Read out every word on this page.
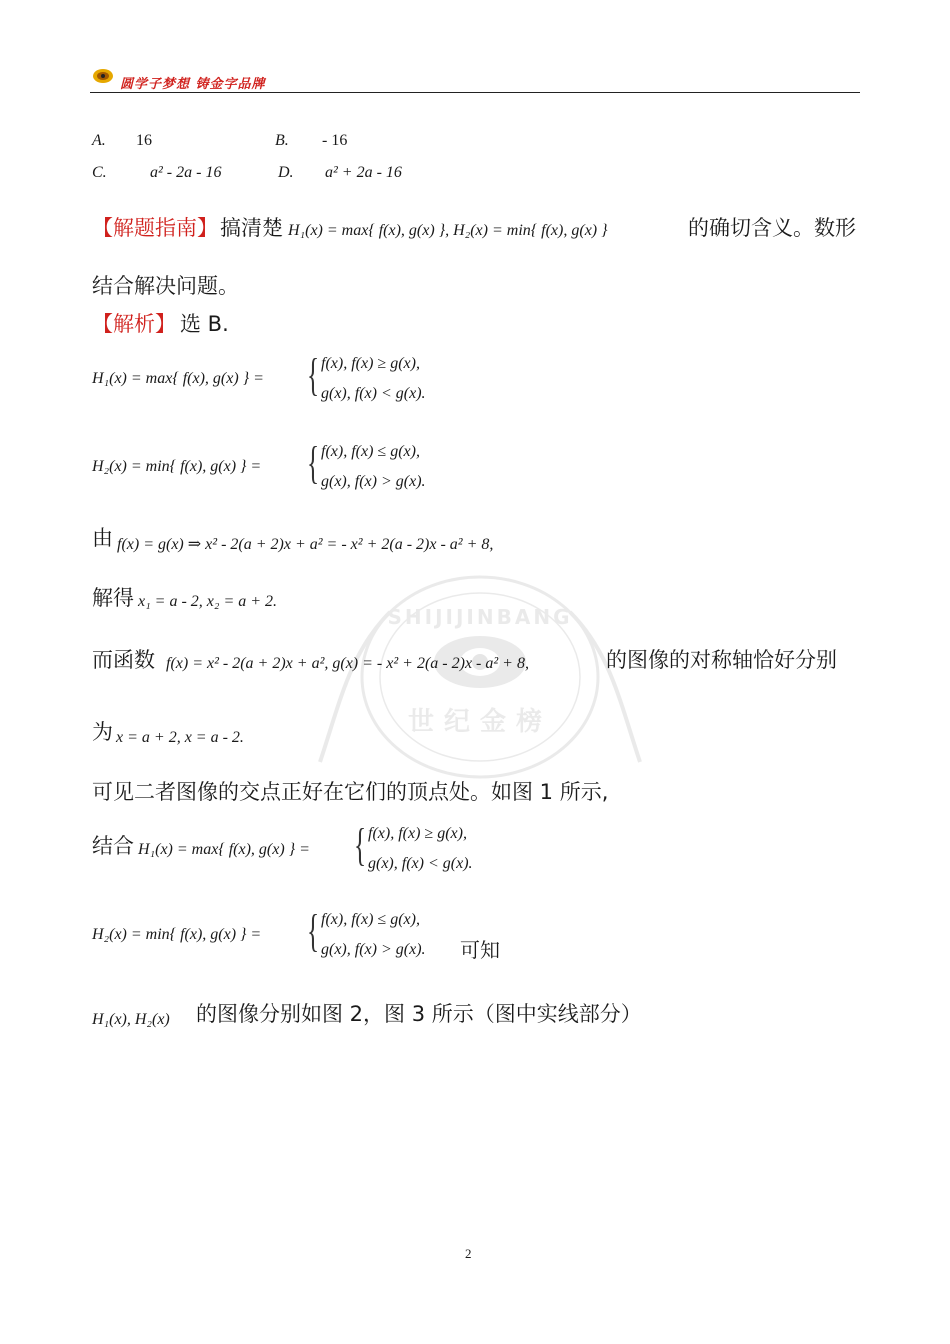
圆学子梦想 铸金字品牌
A. 16	B. - 16
C.	a² - 2a - 16	D. a² + 2a - 16
【解题指南】 搞清楚 H₁(x) = max{ f(x), g(x) }, H₂(x) = min{ f(x), g(x) }	的确切含义。数形
结合解决问题。
【解析】 选 B.
H₁(x) = max{ f(x), g(x) } = { f(x), f(x) ≥ g(x),
g(x), f(x) < g(x).
H₂(x) = min{ f(x), g(x) } = { f(x), f(x) ≤ g(x),
g(x), f(x) > g(x).
SHIJIJINBANG
世纪金榜
由 f(x) = g(x) ⇒ x² - 2(a + 2)x + a² = - x² + 2(a - 2)x - a² + 8,
解得 x₁ = a - 2, x₂ = a + 2.
而函数 f(x) = x² - 2(a + 2)x + a², g(x) = - x² + 2(a - 2)x - a² + 8,	的图像的对称轴恰好分别
为 x = a + 2, x = a - 2.
可见二者图像的交点正好在它们的顶点处。如图 1 所示,
结合 H₁(x) = max{ f(x), g(x) } = { f(x), f(x) ≥ g(x),
g(x), f(x) < g(x).
H₂(x) = min{ f(x), g(x) } = { f(x), f(x) ≤ g(x),
g(x), f(x) > g(x). 可知
H₁(x), H₂(x) 的图像分别如图 2，图 3 所示（图中实线部分）
2
